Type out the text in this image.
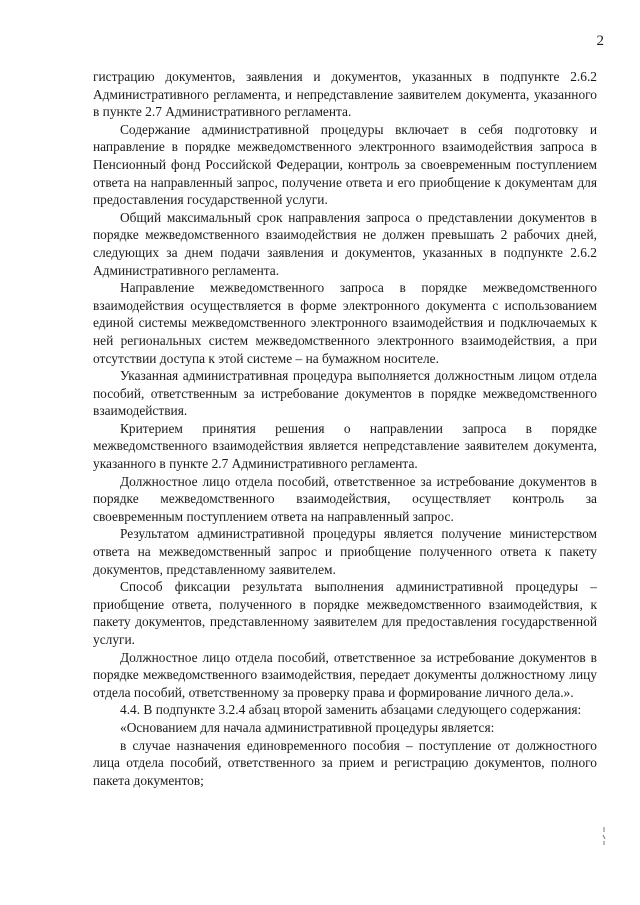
2

гистрацию документов, заявления и документов, указанных в подпункте 2.6.2 Административного регламента, и непредставление заявителем документа, указанного в пункте 2.7 Административного регламента.

Содержание административной процедуры включает в себя подготовку и направление в порядке межведомственного электронного взаимодействия запроса в Пенсионный фонд Российской Федерации, контроль за своевременным поступлением ответа на направленный запрос, получение ответа и его приобщение к документам для предоставления государственной услуги.

Общий максимальный срок направления запроса о представлении документов в порядке межведомственного взаимодействия не должен превышать 2 рабочих дней, следующих за днем подачи заявления и документов, указанных в подпункте 2.6.2 Административного регламента.

Направление межведомственного запроса в порядке межведомственного взаимодействия осуществляется в форме электронного документа с использованием единой системы межведомственного электронного взаимодействия и подключаемых к ней региональных систем межведомственного электронного взаимодействия, а при отсутствии доступа к этой системе – на бумажном носителе.

Указанная административная процедура выполняется должностным лицом отдела пособий, ответственным за истребование документов в порядке межведомственного взаимодействия.

Критерием принятия решения о направлении запроса в порядке межведомственного взаимодействия является непредставление заявителем документа, указанного в пункте 2.7 Административного регламента.

Должностное лицо отдела пособий, ответственное за истребование документов в порядке межведомственного взаимодействия, осуществляет контроль за своевременным поступлением ответа на направленный запрос.

Результатом административной процедуры является получение министерством ответа на межведомственный запрос и приобщение полученного ответа к пакету документов, представленному заявителем.

Способ фиксации результата выполнения административной процедуры – приобщение ответа, полученного в порядке межведомственного взаимодействия, к пакету документов, представленному заявителем для предоставления государственной услуги.

Должностное лицо отдела пособий, ответственное за истребование документов в порядке межведомственного взаимодействия, передает документы должностному лицу отдела пособий, ответственному за проверку права и формирование личного дела.».

4.4. В подпункте 3.2.4 абзац второй заменить абзацами следующего содержания:

«Основанием для начала административной процедуры является:

в случае назначения единовременного пособия – поступление от должностного лица отдела пособий, ответственного за прием и регистрацию документов, полного пакета документов;
